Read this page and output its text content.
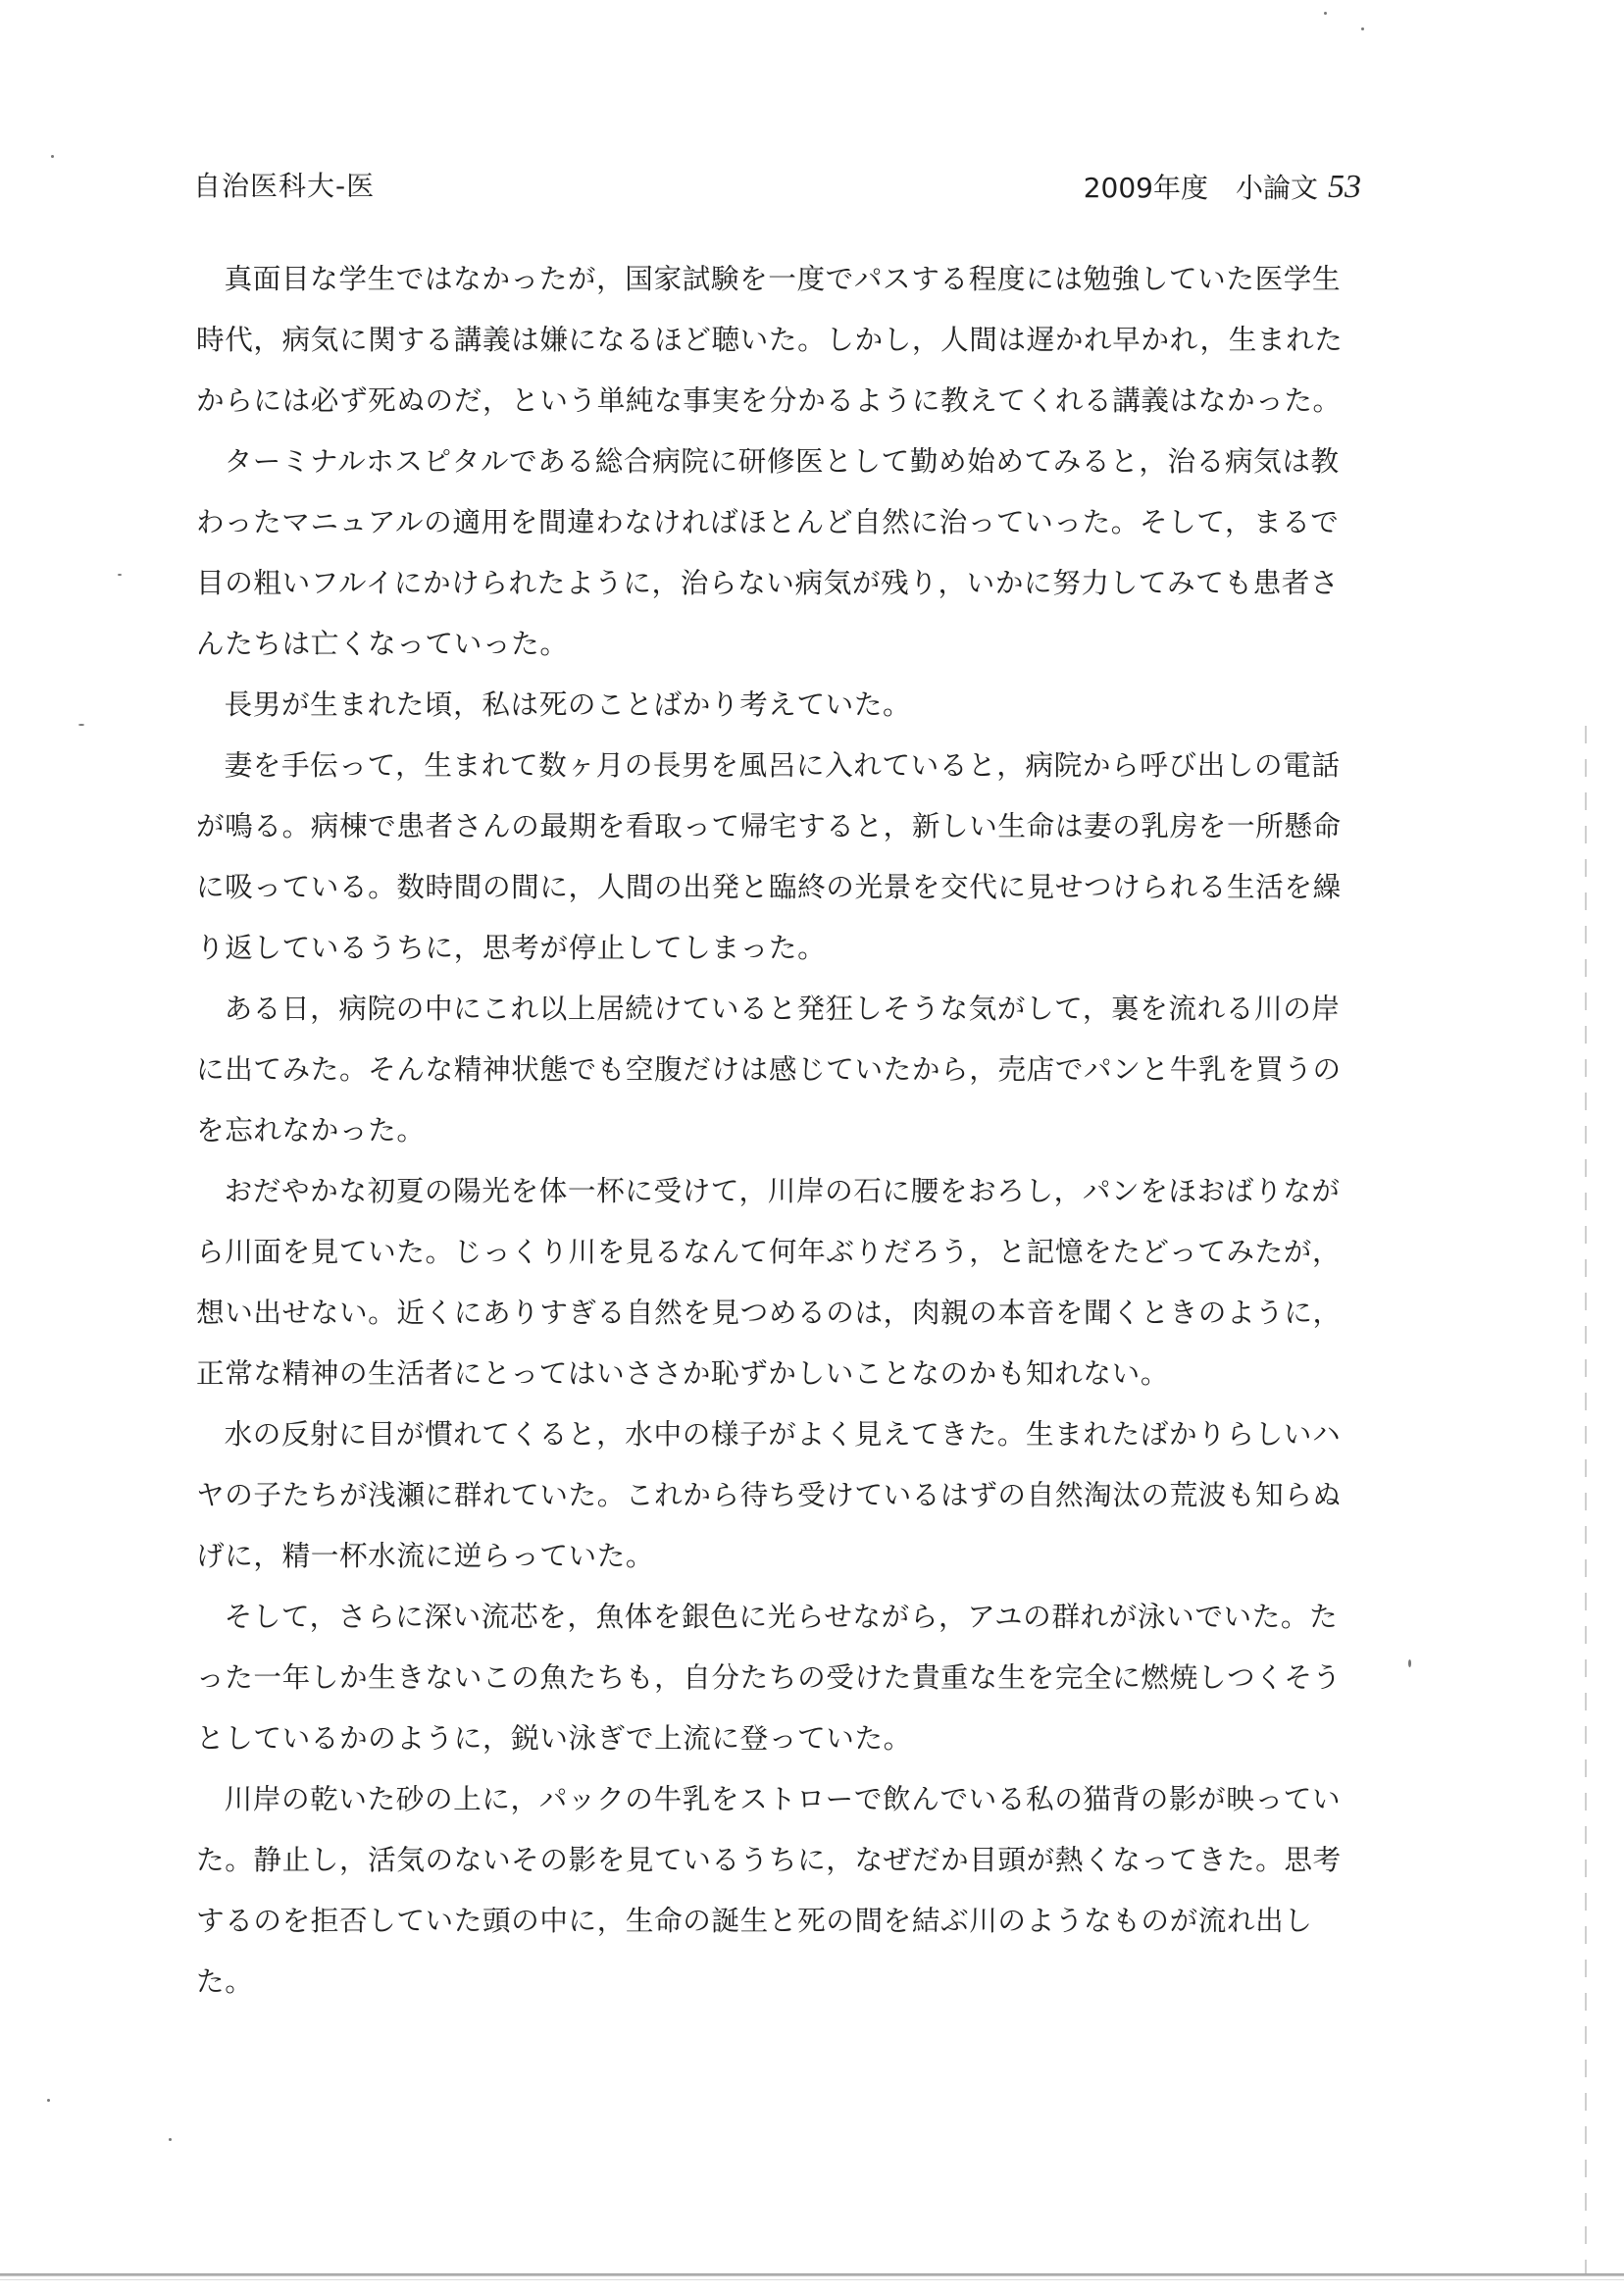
自治医科大-医	2009年度 小論文 53

真面目な学生ではなかったが，国家試験を一度でパスする程度には勉強していた医学生時代，病気に関する講義は嫌になるほど聴いた。しかし，人間は遅かれ早かれ，生まれたからには必ず死ぬのだ，という単純な事実を分かるように教えてくれる講義はなかった。

ターミナルホスピタルである総合病院に研修医として勤め始めてみると，治る病気は教わったマニュアルの適用を間違わなければほとんど自然に治っていった。そして，まるで目の粗いフルイにかけられたように，治らない病気が残り，いかに努力してみても患者さんたちは亡くなっていった。

長男が生まれた頃，私は死のことばかり考えていた。

妻を手伝って，生まれて数ヶ月の長男を風呂に入れていると，病院から呼び出しの電話が鳴る。病棟で患者さんの最期を看取って帰宅すると，新しい生命は妻の乳房を一所懸命に吸っている。数時間の間に，人間の出発と臨終の光景を交代に見せつけられる生活を繰り返しているうちに，思考が停止してしまった。

ある日，病院の中にこれ以上居続けていると発狂しそうな気がして，裏を流れる川の岸に出てみた。そんな精神状態でも空腹だけは感じていたから，売店でパンと牛乳を買うのを忘れなかった。

おだやかな初夏の陽光を体一杯に受けて，川岸の石に腰をおろし，パンをほおばりながら川面を見ていた。じっくり川を見るなんて何年ぶりだろう，と記憶をたどってみたが，想い出せない。近くにありすぎる自然を見つめるのは，肉親の本音を聞くときのように，正常な精神の生活者にとってはいささか恥ずかしいことなのかも知れない。

水の反射に目が慣れてくると，水中の様子がよく見えてきた。生まれたばかりらしいハヤの子たちが浅瀬に群れていた。これから待ち受けているはずの自然淘汰の荒波も知らぬげに，精一杯水流に逆らっていた。

そして，さらに深い流芯を，魚体を銀色に光らせながら，アユの群れが泳いでいた。たった一年しか生きないこの魚たちも，自分たちの受けた貴重な生を完全に燃焼しつくそうとしているかのように，鋭い泳ぎで上流に登っていた。

川岸の乾いた砂の上に，パックの牛乳をストローで飲んでいる私の猫背の影が映っていた。静止し，活気のないその影を見ているうちに，なぜだか目頭が熱くなってきた。思考するのを拒否していた頭の中に，生命の誕生と死の間を結ぶ川のようなものが流れ出した。
